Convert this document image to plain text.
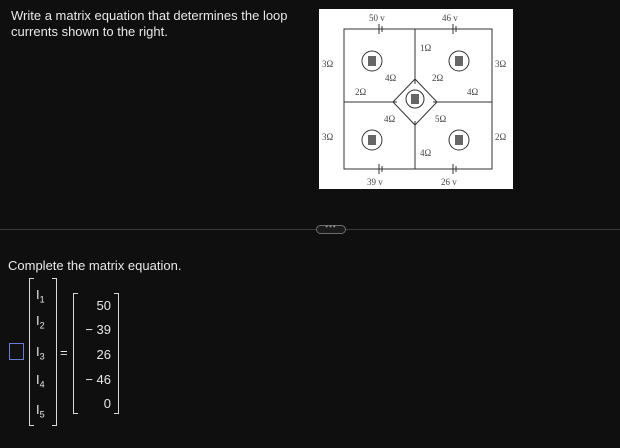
Write a matrix equation that determines the loop currents shown to the right.
50 v	46 v
39 v	26 v
3Ω
3Ω
3Ω
2Ω
1Ω
4Ω
2Ω	4Ω
4Ω	2Ω
4Ω	5Ω
•••
Complete the matrix equation.
$I_1$
$I_2$
$I_3$
$I_4$
$I_5$
=
50
− 39
26
− 46
0
